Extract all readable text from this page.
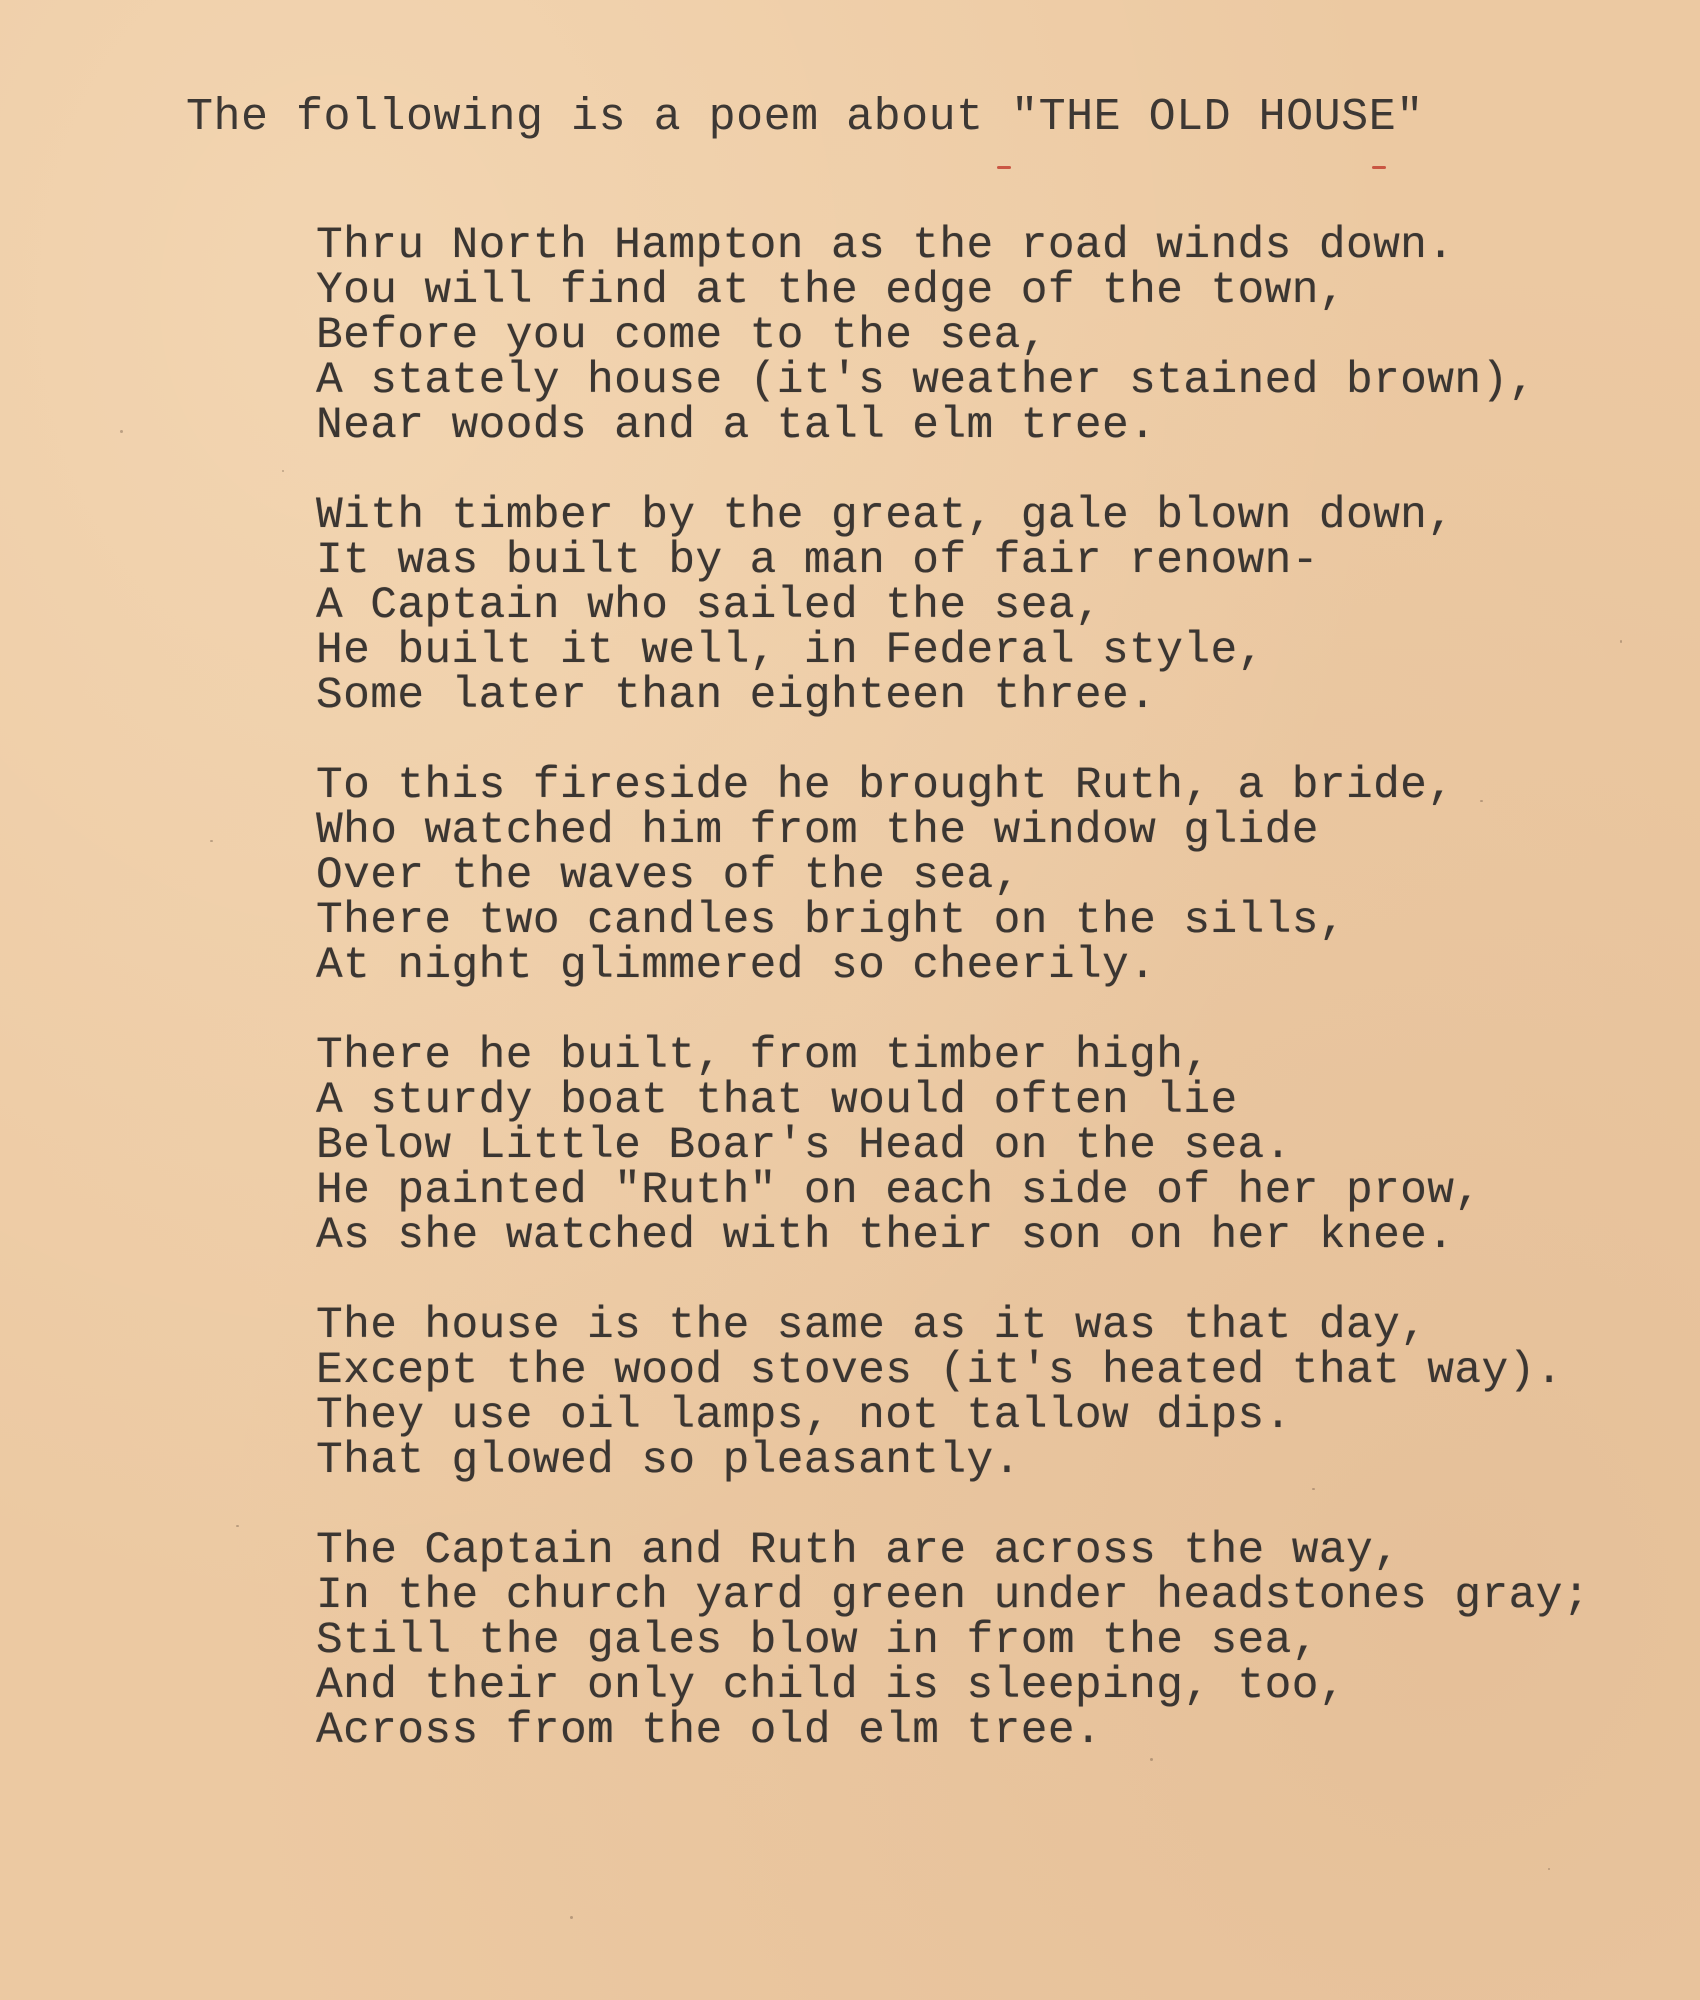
The following is a poem about "THE OLD HOUSE"
Thru North Hampton as the road winds down.
You will find at the edge of the town,
Before you come to the sea,
A stately house (it's weather stained brown),
Near woods and a tall elm tree.
With timber by the great, gale blown down,
It was built by a man of fair renown-
A Captain who sailed the sea,
He built it well, in Federal style,
Some later than eighteen three.
To this fireside he brought Ruth, a bride,
Who watched him from the window glide
Over the waves of the sea,
There two candles bright on the sills,
At night glimmered so cheerily.
There he built, from timber high,
A sturdy boat that would often lie
Below Little Boar's Head on the sea.
He painted "Ruth" on each side of her prow,
As she watched with their son on her knee.
The house is the same as it was that day,
Except the wood stoves (it's heated that way).
They use oil lamps, not tallow dips.
That glowed so pleasantly.
The Captain and Ruth are across the way,
In the church yard green under headstones gray;
Still the gales blow in from the sea,
And their only child is sleeping, too,
Across from the old elm tree.
